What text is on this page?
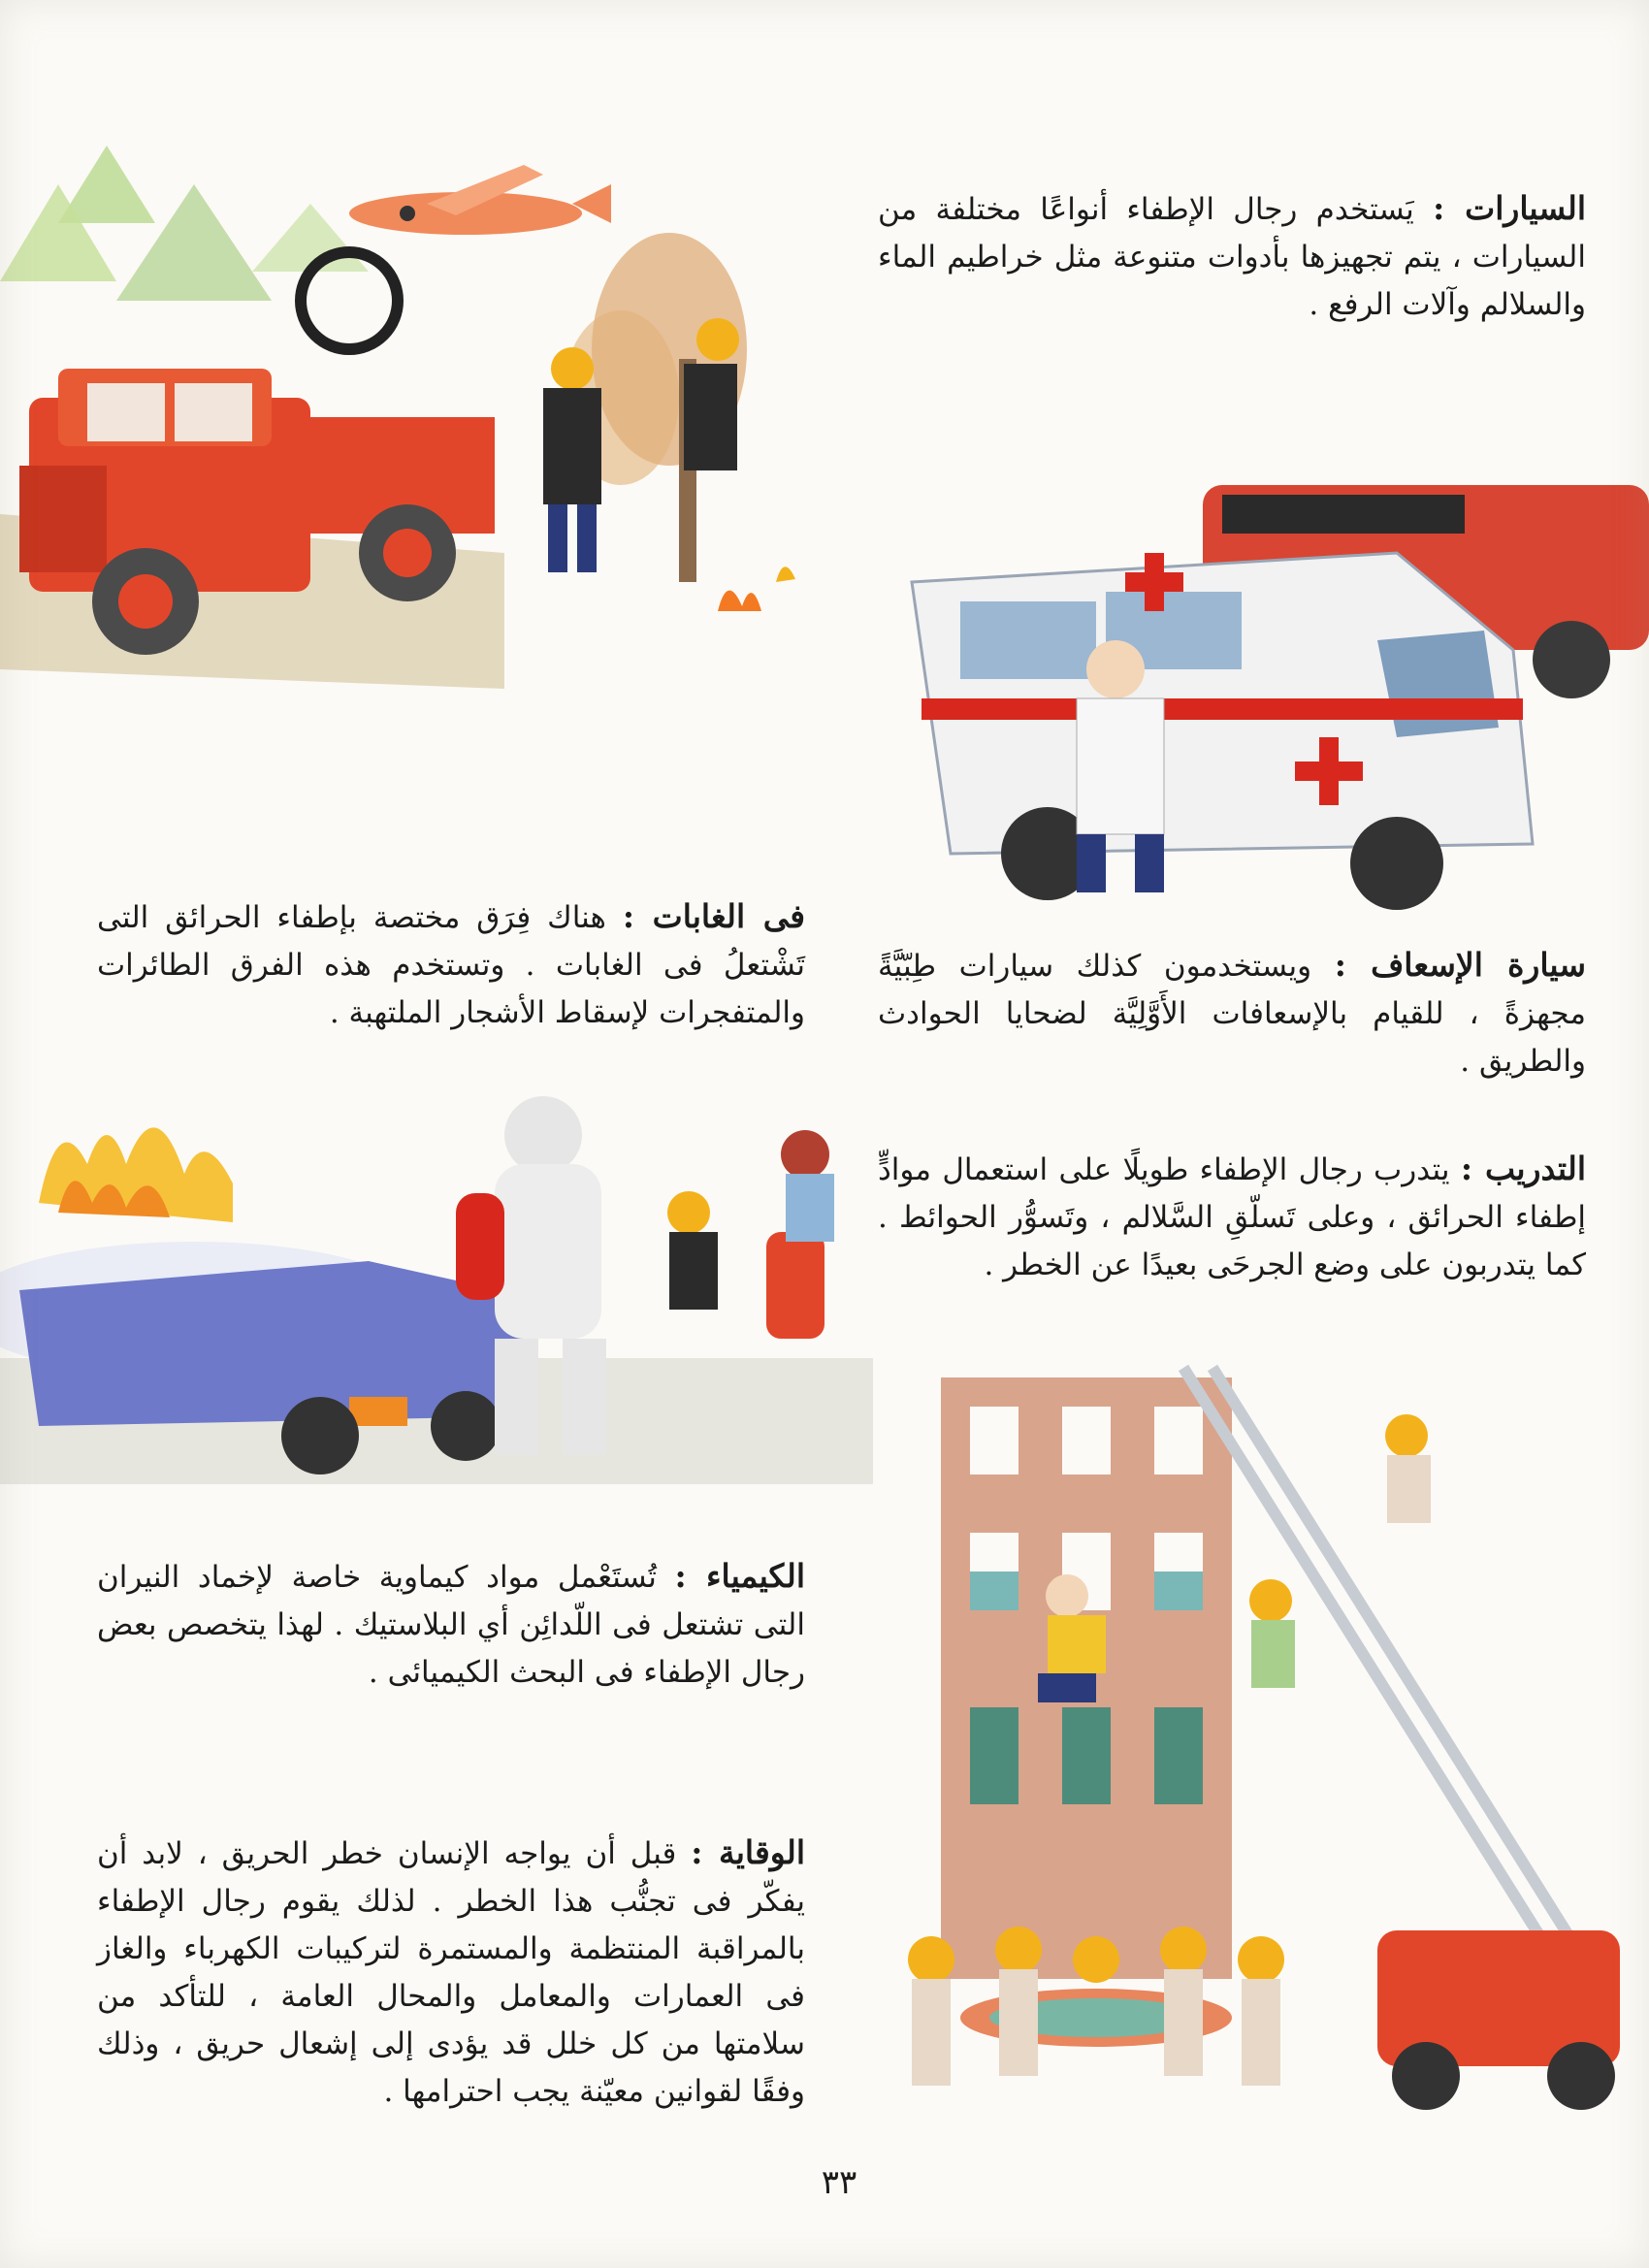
السيارات : يَستخدم رجال الإطفاء أنواعًا مختلفة من السيارات ، يتم تجهيزها بأدوات متنوعة مثل خراطيم الماء والسلالم وآلات الرفع .
فى الغابات : هناك فِرَق مختصة بإطفاء الحرائق التى تَشْتعلُ فى الغابات . وتستخدم هذه الفرق الطائرات والمتفجرات لإسقاط الأشجار الملتهبة .
سيارة الإسعاف : ويستخدمون كذلك سيارات طِبّيَّةً مجهزةً ، للقيام بالإسعافات الأَوَّلِيَّة لضحايا الحوادث والطريق .
التدريب : يتدرب رجال الإطفاء طويلًا على استعمال موادٍّ إطفاء الحرائق ، وعلى تَسلّقِ السَّلالم ، وتَسوُّر الحوائط . كما يتدربون على وضع الجرحَى بعيدًا عن الخطر .
الكيمياء : تُستَعْمل مواد كيماوية خاصة لإخماد النيران التى تشتعل فى اللّدائِن أي البلاستيك . لهذا يتخصص بعض رجال الإطفاء فى البحث الكيميائى .
الوقاية : قبل أن يواجه الإنسان خطر الحريق ، لابد أن يفكّر فى تجنُّب هذا الخطر . لذلك يقوم رجال الإطفاء بالمراقبة المنتظمة والمستمرة لتركيبات الكهرباء والغاز فى العمارات والمعامل والمحال العامة ، للتأكد من سلامتها من كل خلل قد يؤدى إلى إشعال حريق ، وذلك وفقًا لقوانين معيّنة يجب احترامها .
٣٣
